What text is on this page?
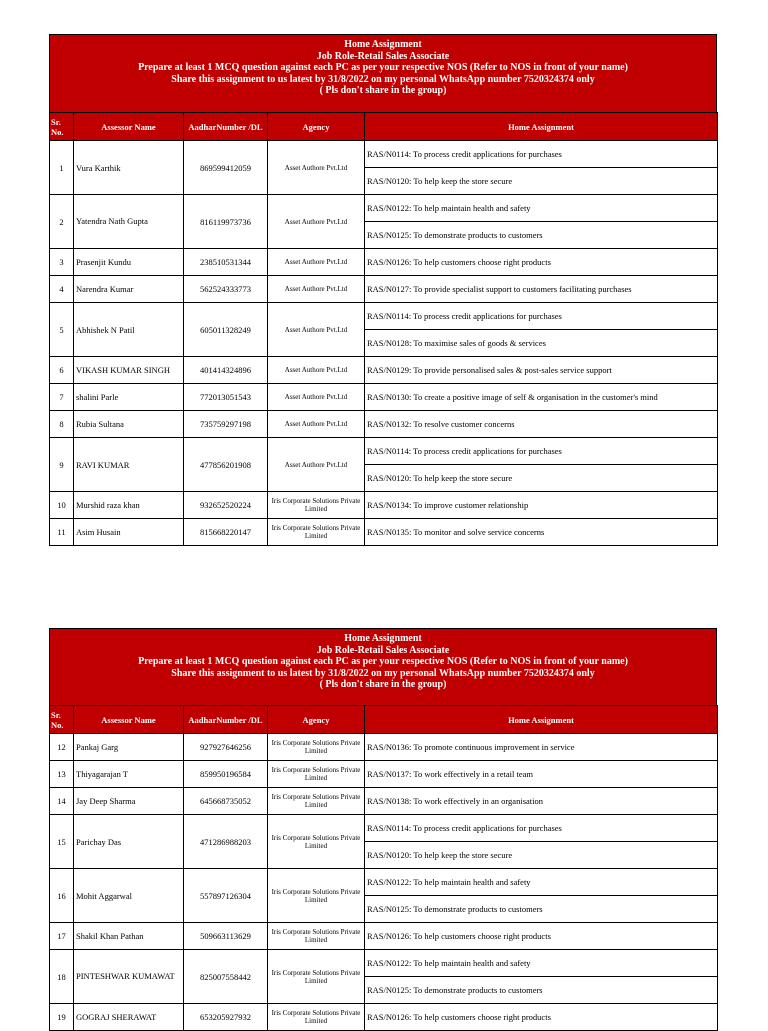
Home Assignment
Job Role-Retail Sales Associate
Prepare at least 1 MCQ question against each PC as per your respective NOS (Refer to NOS in front of your name)
Share this assignment to us latest by 31/8/2022 on my personal WhatsApp number 7520324374 only
( Pls don't share in the group)
Sr. No.	Assessor Name	AadharNumber /DL	Agency	Home Assignment
1	Vura Karthik	869599412059	Asset Authore Pvt.Ltd	RAS/N0114: To process credit applications for purchases
				RAS/N0120: To help keep the store secure
2	Yatendra Nath Gupta	816119973736	Asset Authore Pvt.Ltd	RAS/N0122: To help maintain health and safety
				RAS/N0125: To demonstrate products to customers
3	Prasenjit Kundu	238510531344	Asset Authore Pvt.Ltd	RAS/N0126: To help customers choose right products
4	Narendra Kumar	562524333773	Asset Authore Pvt.Ltd	RAS/N0127: To provide specialist support to customers facilitating purchases
5	Abhishek N Patil	605011328249	Asset Authore Pvt.Ltd	RAS/N0114: To process credit applications for purchases
				RAS/N0128: To maximise sales of goods & services
6	VIKASH KUMAR SINGH	401414324896	Asset Authore Pvt.Ltd	RAS/N0129: To provide personalised sales & post-sales service support
7	shalini Parle	772013051543	Asset Authore Pvt.Ltd	RAS/N0130: To create a positive image of self & organisation in the customer's mind
8	Rubia Sultana	735759297198	Asset Authore Pvt.Ltd	RAS/N0132: To resolve customer concerns
9	RAVI KUMAR	477856201908	Asset Authore Pvt.Ltd	RAS/N0114: To process credit applications for purchases
				RAS/N0120: To help keep the store secure
10	Murshid raza khan	932652520224	Iris Corporate Solutions Private Limited	RAS/N0134: To improve customer relationship
11	Asim Husain	815668220147	Iris Corporate Solutions Private Limited	RAS/N0135: To monitor and solve service concerns
Home Assignment
Job Role-Retail Sales Associate
Prepare at least 1 MCQ question against each PC as per your respective NOS (Refer to NOS in front of your name)
Share this assignment to us latest by 31/8/2022 on my personal WhatsApp number 7520324374 only
( Pls don't share in the group)
Sr. No.	Assessor Name	AadharNumber /DL	Agency	Home Assignment
12	Pankaj Garg	927927646256	Iris Corporate Solutions Private Limited	RAS/N0136: To promote continuous improvement in service
13	Thiyagarajan T	859950196584	Iris Corporate Solutions Private Limited	RAS/N0137: To work effectively in a retail team
14	Jay Deep Sharma	645668735052	Iris Corporate Solutions Private Limited	RAS/N0138: To work effectively in an organisation
15	Parichay Das	471286988203	Iris Corporate Solutions Private Limited	RAS/N0114: To process credit applications for purchases
				RAS/N0120: To help keep the store secure
16	Mohit Aggarwal	557897126304	Iris Corporate Solutions Private Limited	RAS/N0122: To help maintain health and safety
				RAS/N0125: To demonstrate products to customers
17	Shakil Khan Pathan	509663113629	Iris Corporate Solutions Private Limited	RAS/N0126: To help customers choose right products
18	PINTESHWAR KUMAWAT	825007558442	Iris Corporate Solutions Private Limited	RAS/N0122: To help maintain health and safety
				RAS/N0125: To demonstrate products to customers
19	GOGRAJ SHERAWAT	653205927932	Iris Corporate Solutions Private Limited	RAS/N0126: To help customers choose right products
